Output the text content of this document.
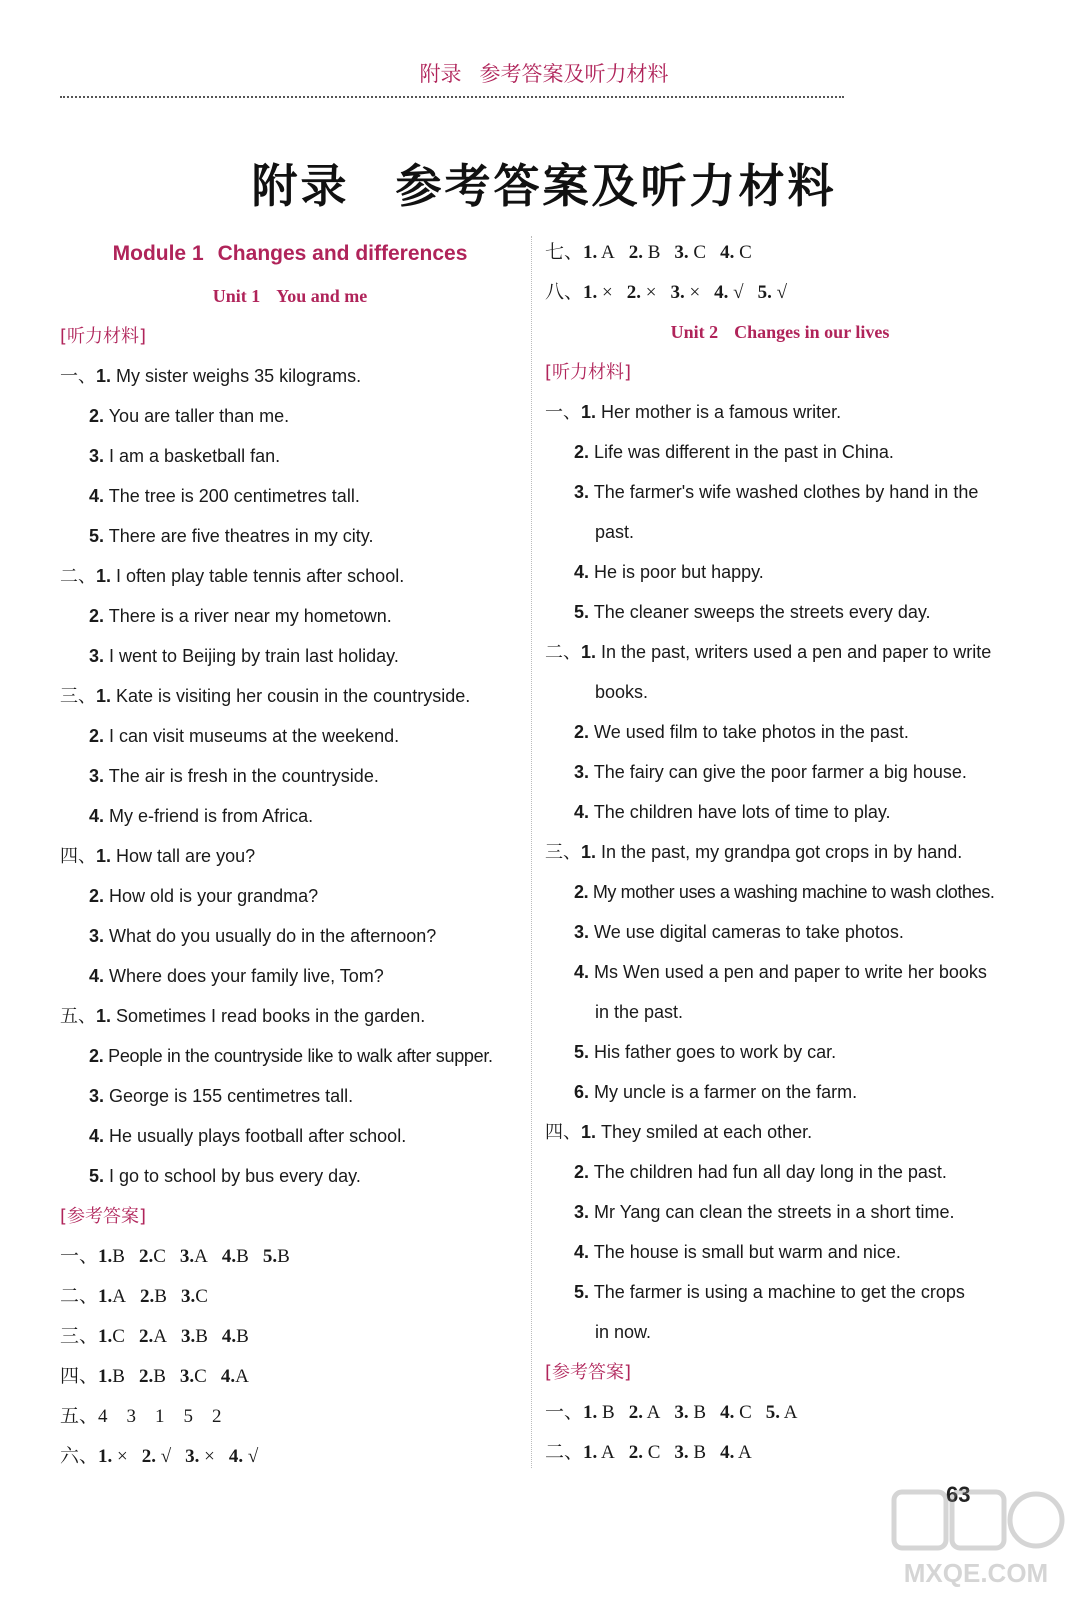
附录 参考答案及听力材料
附录 参考答案及听力材料
Module 1 Changes and differences
Unit 1 You and me
[听力材料]
一、1. My sister weighs 35 kilograms.
2. You are taller than me.
3. I am a basketball fan.
4. The tree is 200 centimetres tall.
5. There are five theatres in my city.
二、1. I often play table tennis after school.
2. There is a river near my hometown.
3. I went to Beijing by train last holiday.
三、1. Kate is visiting her cousin in the countryside.
2. I can visit museums at the weekend.
3. The air is fresh in the countryside.
4. My e-friend is from Africa.
四、1. How tall are you?
2. How old is your grandma?
3. What do you usually do in the afternoon?
4. Where does your family live, Tom?
五、1. Sometimes I read books in the garden.
2. People in the countryside like to walk after supper.
3. George is 155 centimetres tall.
4. He usually plays football after school.
5. I go to school by bus every day.
[参考答案]
一、1.B 2.C 3.A 4.B 5.B
二、1.A 2.B 3.C
三、1.C 2.A 3.B 4.B
四、1.B 2.B 3.C 4.A
五、4　3　1　5　2
六、1. × 2. √ 3. × 4. √
七、1. A 2. B 3. C 4. C
八、1. × 2. × 3. × 4. √ 5. √
Unit 2 Changes in our lives
[听力材料]
一、1. Her mother is a famous writer.
2. Life was different in the past in China.
3. The farmer's wife washed clothes by hand in the
past.
4. He is poor but happy.
5. The cleaner sweeps the streets every day.
二、1. In the past, writers used a pen and paper to write
books.
2. We used film to take photos in the past.
3. The fairy can give the poor farmer a big house.
4. The children have lots of time to play.
三、1. In the past, my grandpa got crops in by hand.
2. My mother uses a washing machine to wash clothes.
3. We use digital cameras to take photos.
4. Ms Wen used a pen and paper to write her books
in the past.
5. His father goes to work by car.
6. My uncle is a farmer on the farm.
四、1. They smiled at each other.
2. The children had fun all day long in the past.
3. Mr Yang can clean the streets in a short time.
4. The house is small but warm and nice.
5. The farmer is using a machine to get the crops
in now.
[参考答案]
一、1. B 2. A 3. B 4. C 5. A
二、1. A 2. C 3. B 4. A
63
MXQE.COM
